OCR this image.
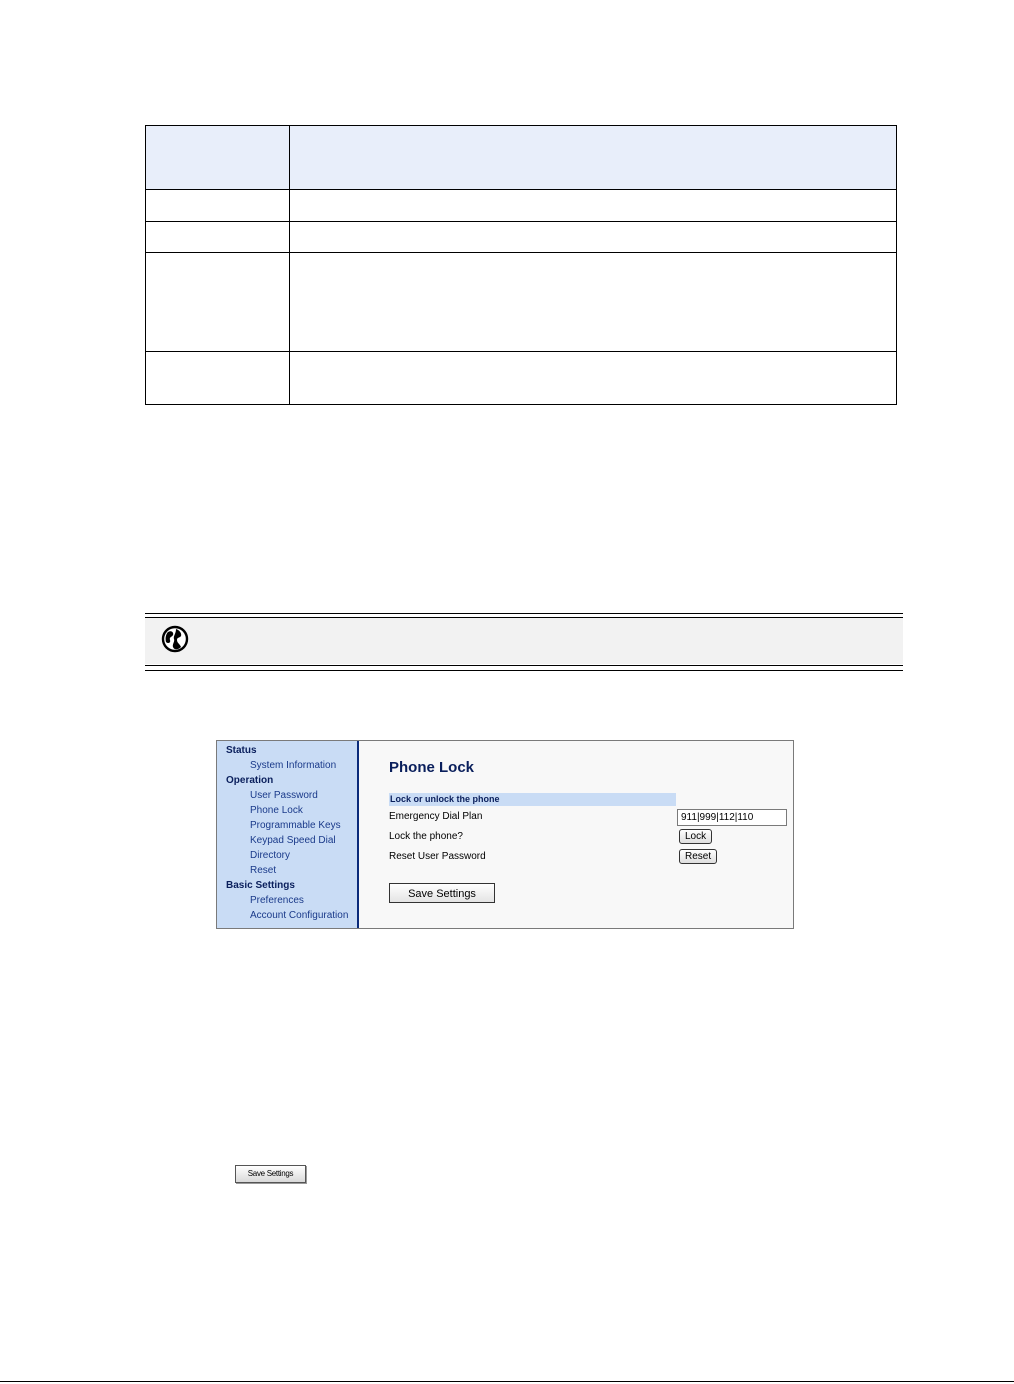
Status
System Information
Operation
User Password
Phone Lock
Programmable Keys
Keypad Speed Dial
Directory
Reset
Basic Settings
Preferences
Account Configuration
Phone Lock
Lock or unlock the phone
Emergency Dial Plan
911|999|112|110
Lock the phone?	Lock
Reset User Password	Reset
Save Settings
Save Settings
